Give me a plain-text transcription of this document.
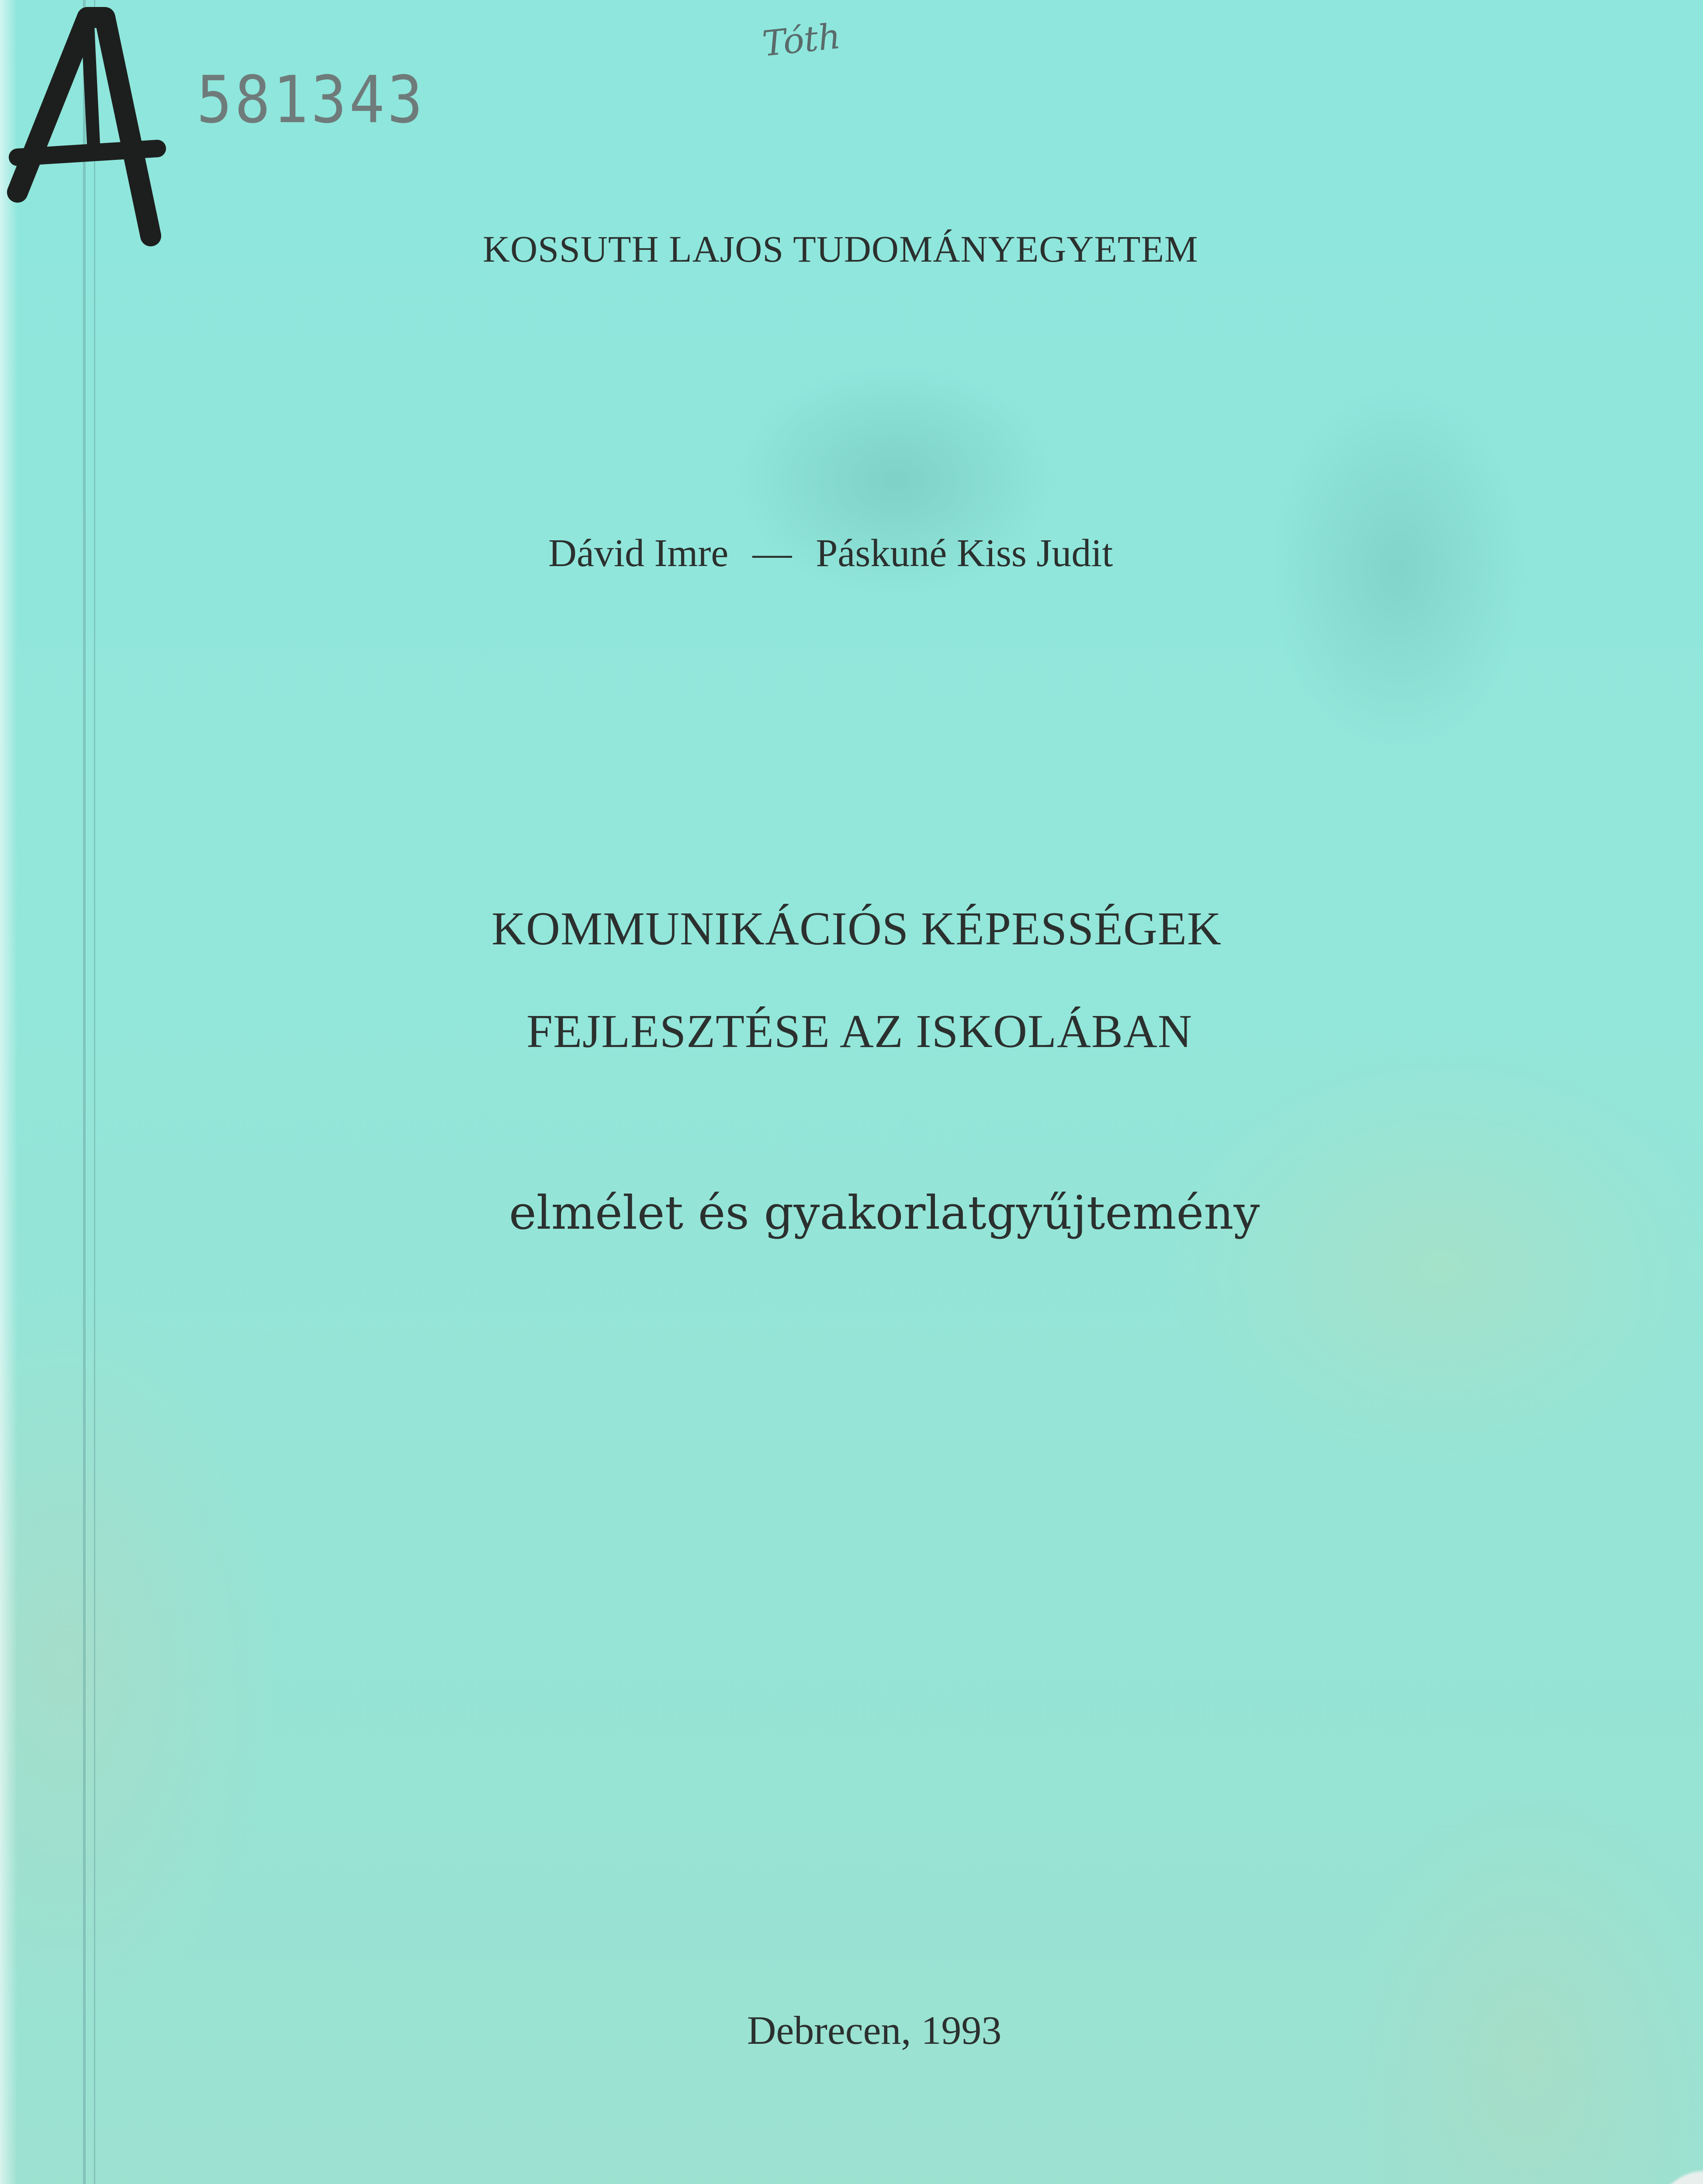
581343
Tóth
KOSSUTH LAJOS TUDOMÁNYEGYETEM
Dávid Imre — Páskuné Kiss Judit
KOMMUNIKÁCIÓS KÉPESSÉGEK
FEJLESZTÉSE AZ ISKOLÁBAN
elmélet és gyakorlatgyűjtemény
Debrecen, 1993
